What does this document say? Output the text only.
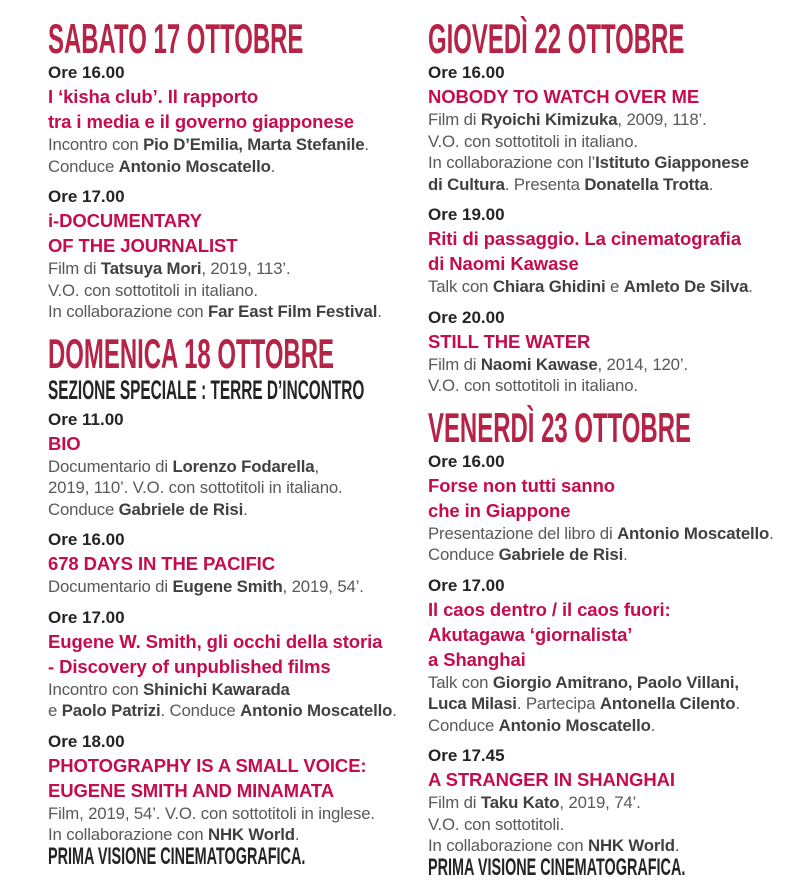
SABATO 17 OTTOBRE
Ore 16.00
I ‘kisha club’. Il rapporto
tra i media e il governo giapponese
Incontro con Pio D’Emilia, Marta Stefanile.
Conduce Antonio Moscatello.
Ore 17.00
i-DOCUMENTARY
OF THE JOURNALIST
Film di Tatsuya Mori, 2019, 113’.
V.O. con sottotitoli in italiano.
In collaborazione con Far East Film Festival.
DOMENICA 18 OTTOBRE
SEZIONE SPECIALE : TERRE D’INCONTRO
Ore 11.00
BIO
Documentario di Lorenzo Fodarella,
2019, 110’. V.O. con sottotitoli in italiano.
Conduce Gabriele de Risi.
Ore 16.00
678 DAYS IN THE PACIFIC
Documentario di Eugene Smith, 2019, 54’.
Ore 17.00
Eugene W. Smith, gli occhi della storia
- Discovery of unpublished films
Incontro con Shinichi Kawarada
e Paolo Patrizi. Conduce Antonio Moscatello.
Ore 18.00
PHOTOGRAPHY IS A SMALL VOICE:
EUGENE SMITH AND MINAMATA
Film, 2019, 54’. V.O. con sottotitoli in inglese.
In collaborazione con NHK World.
PRIMA VISIONE CINEMATOGRAFICA.
GIOVEDÌ 22 OTTOBRE
Ore 16.00
NOBODY TO WATCH OVER ME
Film di Ryoichi Kimizuka, 2009, 118’.
V.O. con sottotitoli in italiano.
In collaborazione con l’Istituto Giapponese
di Cultura. Presenta Donatella Trotta.
Ore 19.00
Riti di passaggio. La cinematografia
di Naomi Kawase
Talk con Chiara Ghidini e Amleto De Silva.
Ore 20.00
STILL THE WATER
Film di Naomi Kawase, 2014, 120’.
V.O. con sottotitoli in italiano.
VENERDÌ 23 OTTOBRE
Ore 16.00
Forse non tutti sanno
che in Giappone
Presentazione del libro di Antonio Moscatello.
Conduce Gabriele de Risi.
Ore 17.00
Il caos dentro / il caos fuori:
Akutagawa ‘giornalista’
a Shanghai
Talk con Giorgio Amitrano, Paolo Villani,
Luca Milasi. Partecipa Antonella Cilento.
Conduce Antonio Moscatello.
Ore 17.45
A STRANGER IN SHANGHAI
Film di Taku Kato, 2019, 74’.
V.O. con sottotitoli.
In collaborazione con NHK World.
PRIMA VISIONE CINEMATOGRAFICA.
